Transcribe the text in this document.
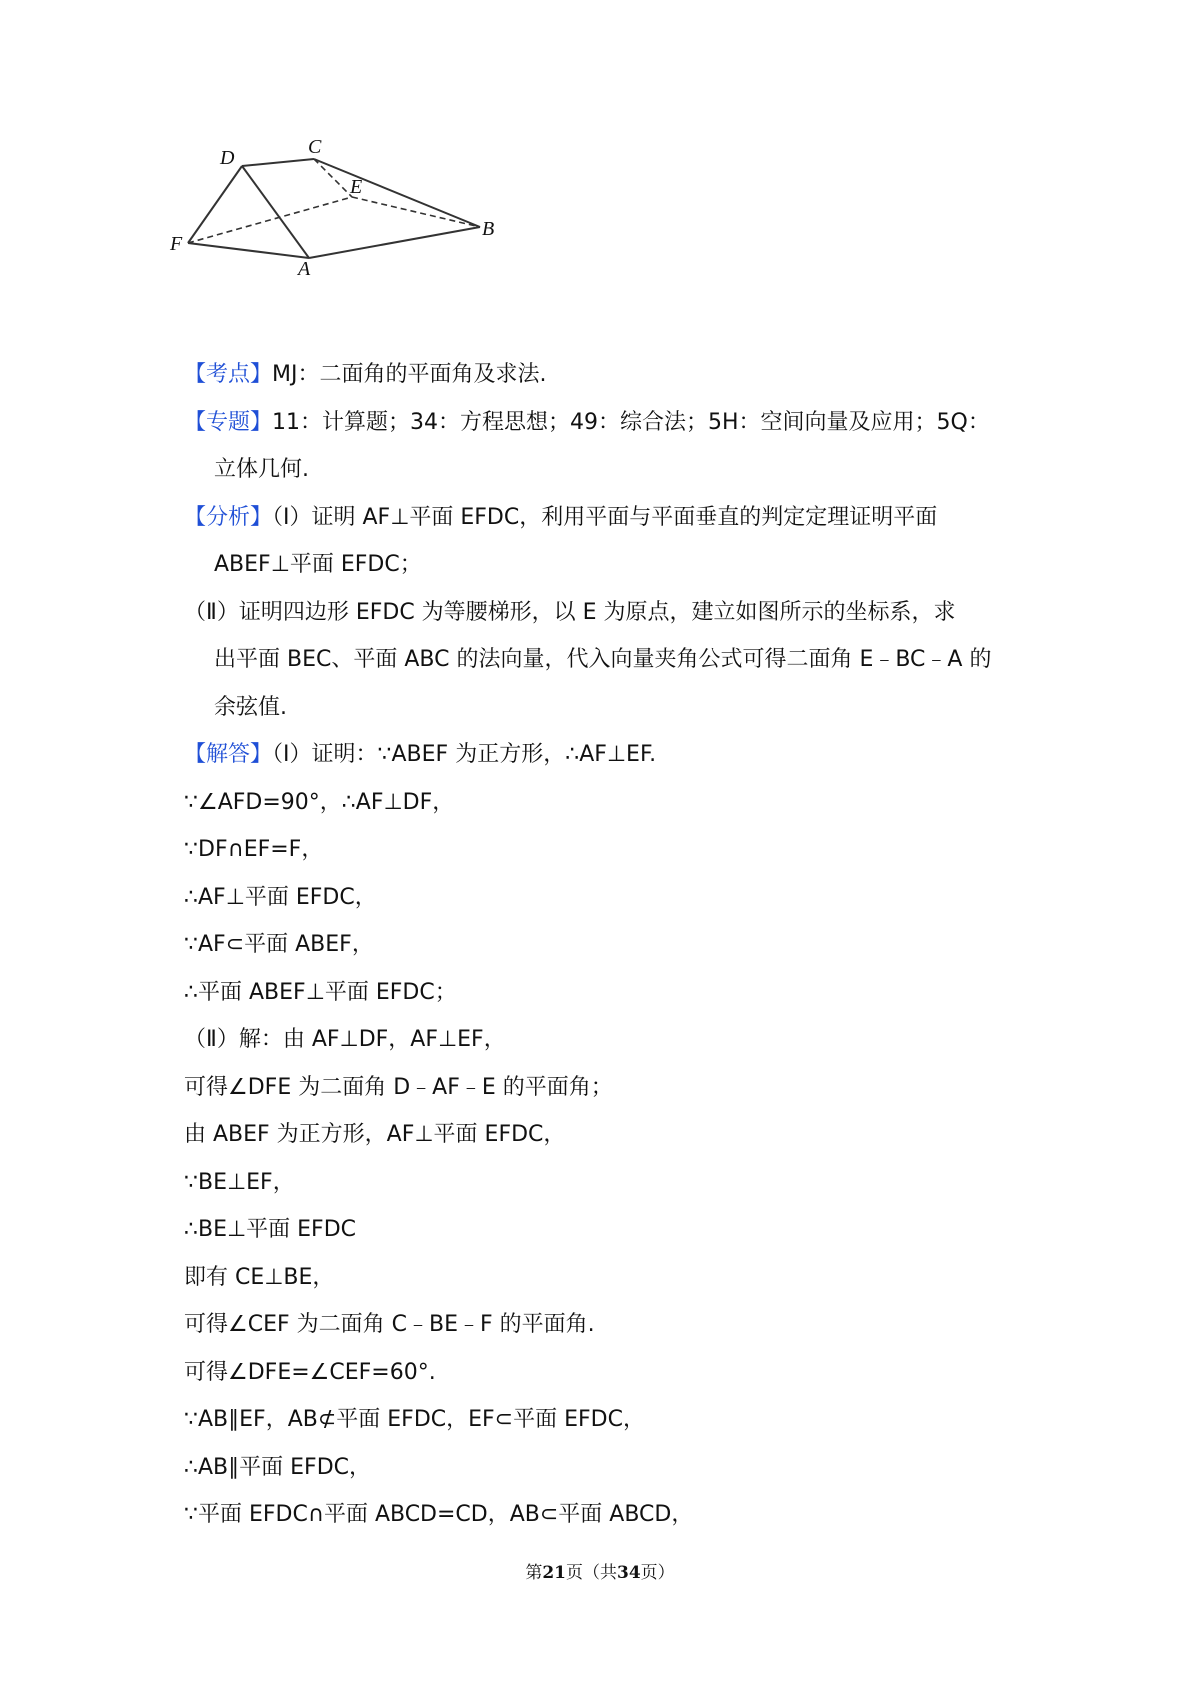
D	C
E
B
F
A
【考点】MJ：二面角的平面角及求法.
【专题】11：计算题；34：方程思想；49：综合法；5H：空间向量及应用；5Q：
立体几何.
【分析】（Ⅰ）证明 AF⊥平面 EFDC，利用平面与平面垂直的判定定理证明平面
ABEF⊥平面 EFDC；
（Ⅱ）证明四边形 EFDC 为等腰梯形，以 E 为原点，建立如图所示的坐标系，求
出平面 BEC、平面 ABC 的法向量，代入向量夹角公式可得二面角 E﹣BC﹣A 的
余弦值.
【解答】（Ⅰ）证明：∵ABEF 为正方形，∴AF⊥EF.
∵∠AFD=90°，∴AF⊥DF，
∵DF∩EF=F，
∴AF⊥平面 EFDC，
∵AF⊂平面 ABEF，
∴平面 ABEF⊥平面 EFDC；
（Ⅱ）解：由 AF⊥DF，AF⊥EF，
可得∠DFE 为二面角 D﹣AF﹣E 的平面角；
由 ABEF 为正方形，AF⊥平面 EFDC，
∵BE⊥EF，
∴BE⊥平面 EFDC
即有 CE⊥BE，
可得∠CEF 为二面角 C﹣BE﹣F 的平面角.
可得∠DFE=∠CEF=60°.
∵AB∥EF，AB⊄平面 EFDC，EF⊂平面 EFDC，
∴AB∥平面 EFDC，
∵平面 EFDC∩平面 ABCD=CD，AB⊂平面 ABCD，
第21页（共34页）
